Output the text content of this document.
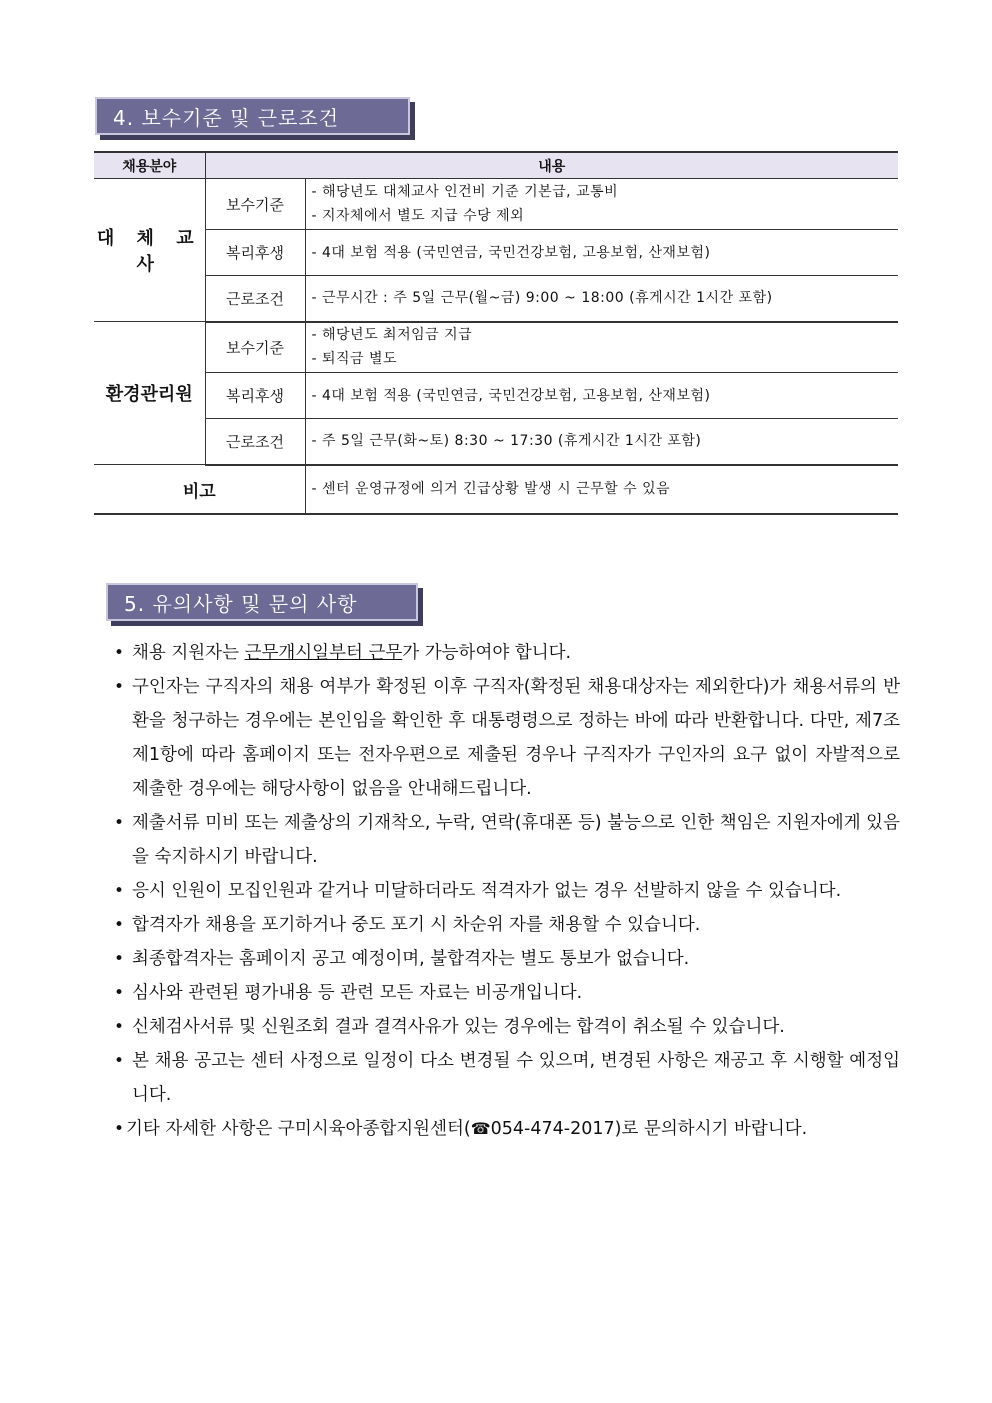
4. 보수기준 및 근로조건
채용분야	내용	
대 체 교 사	보수기준	- 해당년도 대체교사 인건비 기준 기본급, 교통비
- 지자체에서 별도 지급 수당 제외

	복리후생	- 4대 보험 적용 (국민연금, 국민건강보험, 고용보험, 산재보험)

	근로조건	- 근무시간 : 주 5일 근무(월~금) 9:00 ~ 18:00 (휴게시간 1시간 포함)

환경관리원	보수기준	- 해당년도 최저임금 지급
- 퇴직금 별도

	복리후생	- 4대 보험 적용 (국민연금, 국민건강보험, 고용보험, 산재보험)

	근로조건	- 주 5일 근무(화~토) 8:30 ~ 17:30 (휴게시간 1시간 포함)

비고		- 센터 운영규정에 의거 긴급상황 발생 시 근무할 수 있음
5. 유의사항 및 문의 사항
• 채용 지원자는 근무개시일부터 근무가 가능하여야 합니다.
• 구인자는 구직자의 채용 여부가 확정된 이후 구직자(확정된 채용대상자는 제외한다)가 채용서류의 반환을 청구하는 경우에는 본인임을 확인한 후 대통령령으로 정하는 바에 따라 반환합니다. 다만, 제7조 제1항에 따라 홈페이지 또는 전자우편으로 제출된 경우나 구직자가 구인자의 요구 없이 자발적으로 제출한 경우에는 해당사항이 없음을 안내해드립니다.
• 제출서류 미비 또는 제출상의 기재착오, 누락, 연락(휴대폰 등) 불능으로 인한 책임은 지원자에게 있음을 숙지하시기 바랍니다.
• 응시 인원이 모집인원과 같거나 미달하더라도 적격자가 없는 경우 선발하지 않을 수 있습니다.
• 합격자가 채용을 포기하거나 중도 포기 시 차순위 자를 채용할 수 있습니다.
• 최종합격자는 홈페이지 공고 예정이며, 불합격자는 별도 통보가 없습니다.
• 심사와 관련된 평가내용 등 관련 모든 자료는 비공개입니다.
• 신체검사서류 및 신원조회 결과 결격사유가 있는 경우에는 합격이 취소될 수 있습니다.
• 본 채용 공고는 센터 사정으로 일정이 다소 변경될 수 있으며, 변경된 사항은 재공고 후 시행할 예정입니다.
• 기타 자세한 사항은 구미시육아종합지원센터(☎054-474-2017)로 문의하시기 바랍니다.
